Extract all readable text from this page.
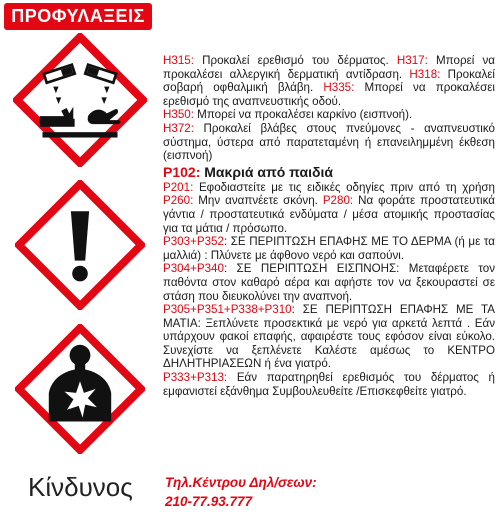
ΠΡΟΦΥΛΑΞΕΙΣ
Κίνδυνος

H315: Προκαλεί ερεθισμό του δέρματος. H317: Μπορεί να προκαλέσει αλλεργική δερματική αντίδραση. H318: Προκαλεί σοβαρή οφθαλμική βλάβη. H335: Μπορεί να προκαλέσει ερεθισμό της αναπνευστικής οδού.

H350: Μπορεί να προκαλέσει καρκίνο (εισπνοή).

H372: Προκαλεί βλάβες στους πνεύμονες - αναπνευστικό σύστημα, ύστερα από παρατεταμένη ή επανειλημμένη έκθεση (εισπνοή)

P102: Μακριά από παιδιά

P201: Εφοδιαστείτε με τις ειδικές οδηγίες πριν από τη χρήση P260: Μην αναπνέετε σκόνη. P280: Να φοράτε προστατευτικά γάντια / προστατευτικά ενδύματα / μέσα ατομικής προστασίας για τα μάτια / πρόσωπο.

P303+P352: ΣΕ ΠΕΡΙΠΤΩΣΗ ΕΠΑΦΗΣ ΜΕ ΤΟ ΔΕΡΜΑ (ή με τα μαλλιά) : Πλύνετε με άφθονο νερό και σαπούνι.

P304+P340: ΣΕ ΠΕΡΙΠΤΩΣΗ ΕΙΣΠΝΟΗΣ: Μεταφέρετε τον παθόντα στον καθαρό αέρα και αφήστε τον να ξεκουραστεί σε στάση που διευκολύνει την αναπνοή.

P305+P351+P338+P310: ΣΕ ΠΕΡΙΠΤΩΣΗ ΕΠΑΦΗΣ ΜΕ ΤΑ ΜΑΤΙΑ: Ξεπλύνετε προσεκτικά με νερό για αρκετά λεπτά . Εάν υπάρχουν φακοί επαφής, αφαιρέστε τους εφόσον είναι εύκολο. Συνεχίστε να ξεπλένετε Καλέστε αμέσως το ΚΕΝΤΡΟ ΔΗΛΗΤΗΡΙΑΣΕΩΝ ή ένα γιατρό.

P333+P313: Εάν παρατηρηθεί ερεθισμός του δέρματος ή εμφανιστεί εξάνθημα Συμβουλευθείτε /Επισκεφθείτε γιατρό.

Τηλ.Κέντρου Δηλ/σεων:
210-77.93.777
